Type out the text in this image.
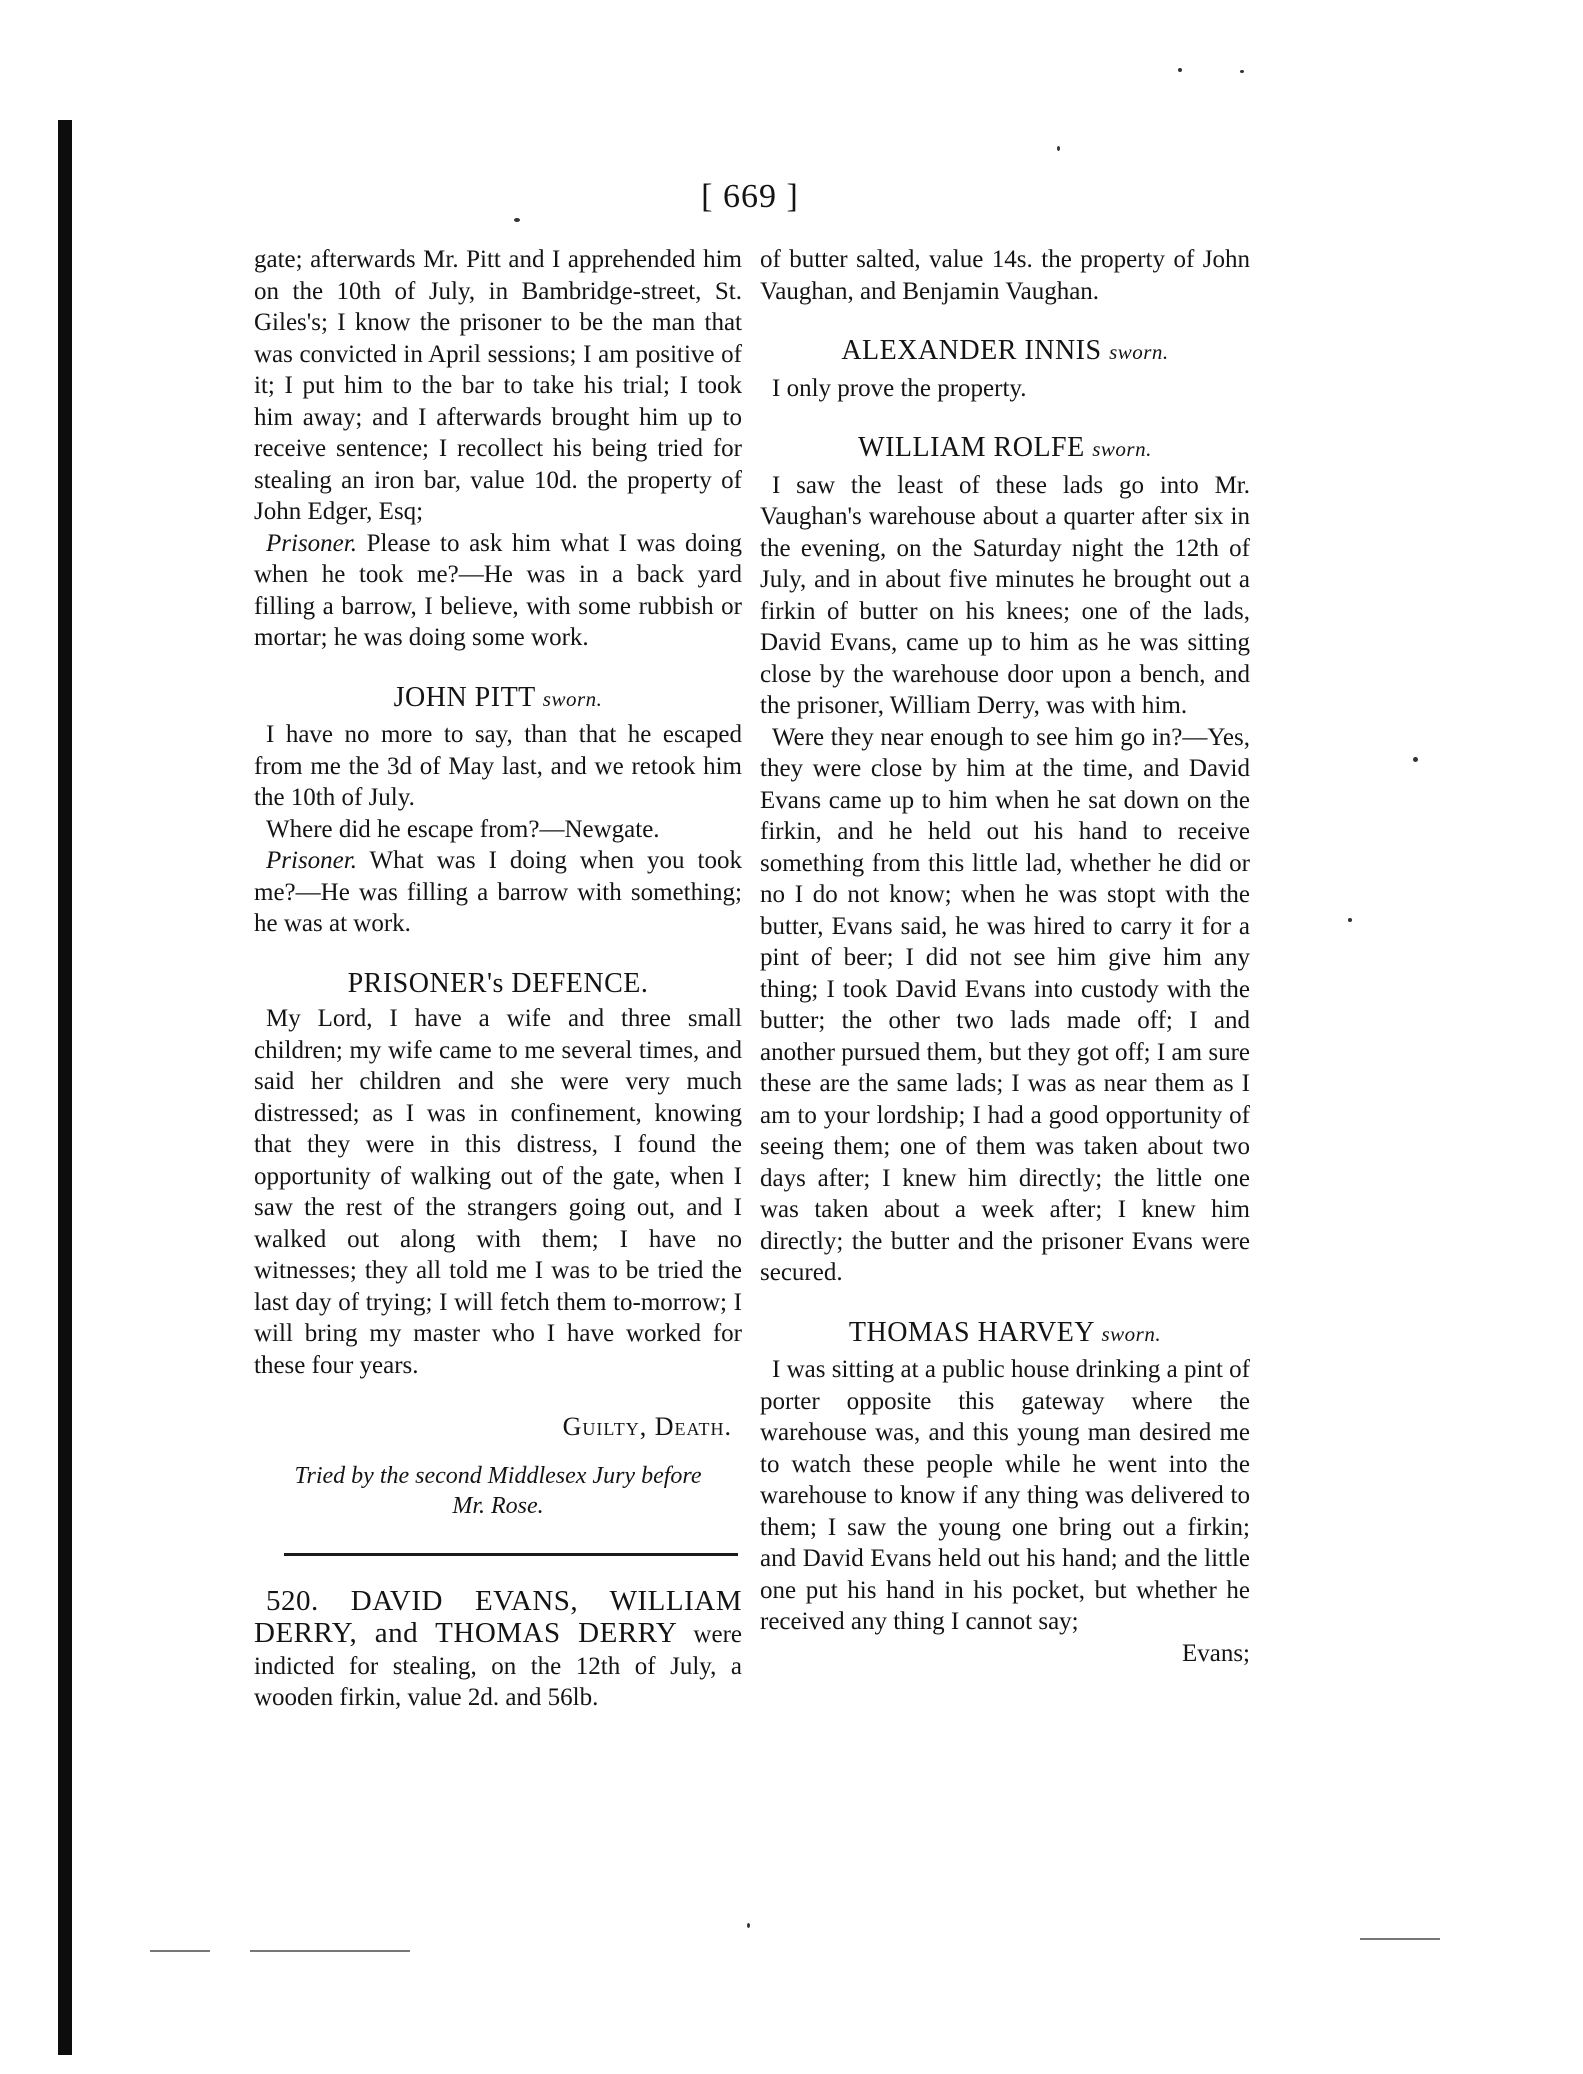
[ 669 ]

gate; afterwards Mr. Pitt and I apprehended him on the 10th of July, in Bambridge-street, St. Giles's; I know the prisoner to be the man that was convicted in April sessions; I am positive of it; I put him to the bar to take his trial; I took him away; and I afterwards brought him up to receive sentence; I recollect his being tried for stealing an iron bar, value 10d. the property of John Edger, Esq;

Prisoner. Please to ask him what I was doing when he took me?—He was in a back yard filling a barrow, I believe, with some rubbish or mortar; he was doing some work.

JOHN PITT sworn.

I have no more to say, than that he escaped from me the 3d of May last, and we retook him the 10th of July.

Where did he escape from?—Newgate.

Prisoner. What was I doing when you took me?—He was filling a barrow with something; he was at work.

PRISONER's DEFENCE.

My Lord, I have a wife and three small children; my wife came to me several times, and said her children and she were very much distressed; as I was in confinement, knowing that they were in this distress, I found the opportunity of walking out of the gate, when I saw the rest of the strangers going out, and I walked out along with them; I have no witnesses; they all told me I was to be tried the last day of trying; I will fetch them to-morrow; I will bring my master who I have worked for these four years.

Guilty, Death.
Tried by the second Middlesex Jury before
Mr. Rose.

520. DAVID EVANS, WILLIAM DERRY, and THOMAS DERRY were indicted for stealing, on the 12th of July, a wooden firkin, value 2d. and 56lb.

of butter salted, value 14s. the property of John Vaughan, and Benjamin Vaughan.

ALEXANDER INNIS sworn.

I only prove the property.

WILLIAM ROLFE sworn.

I saw the least of these lads go into Mr. Vaughan's warehouse about a quarter after six in the evening, on the Saturday night the 12th of July, and in about five minutes he brought out a firkin of butter on his knees; one of the lads, David Evans, came up to him as he was sitting close by the warehouse door upon a bench, and the prisoner, William Derry, was with him.

Were they near enough to see him go in?—Yes, they were close by him at the time, and David Evans came up to him when he sat down on the firkin, and he held out his hand to receive something from this little lad, whether he did or no I do not know; when he was stopt with the butter, Evans said, he was hired to carry it for a pint of beer; I did not see him give him any thing; I took David Evans into custody with the butter; the other two lads made off; I and another pursued them, but they got off; I am sure these are the same lads; I was as near them as I am to your lordship; I had a good opportunity of seeing them; one of them was taken about two days after; I knew him directly; the little one was taken about a week after; I knew him directly; the butter and the prisoner Evans were secured.

THOMAS HARVEY sworn.

I was sitting at a public house drinking a pint of porter opposite this gateway where the warehouse was, and this young man desired me to watch these people while he went into the warehouse to know if any thing was delivered to them; I saw the young one bring out a firkin; and David Evans held out his hand; and the little one put his hand in his pocket, but whether he received any thing I cannot say;

Evans;
